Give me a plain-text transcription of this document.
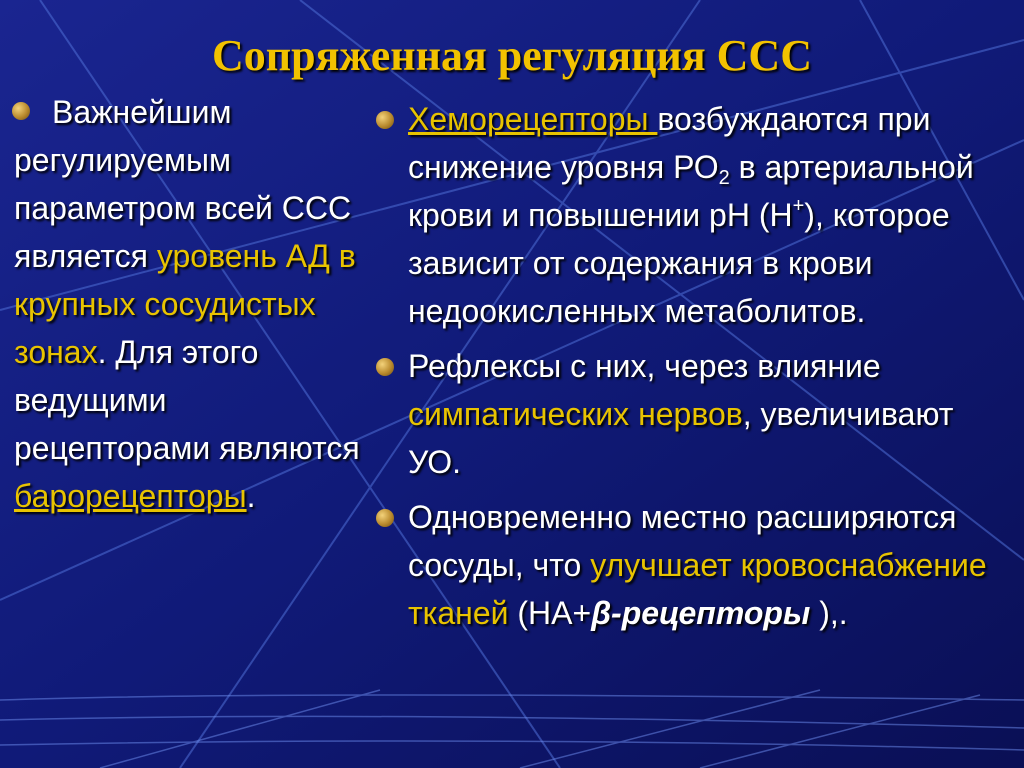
Сопряженная регуляция ССС
Важнейшим
регулируемым параметром всей ССС является уровень АД в крупных сосудистых зонах. Для этого ведущими рецепторами являются барорецепторы.
Хеморецепторы возбуждаются при снижение уровня $РО_2$ в артериальной крови и повышении рН (Н+), которое зависит от содержания в крови недоокисленных метаболитов.
Рефлексы с них, через влияние симпатических нервов, увеличивают УО.
Одновременно местно расширяются сосуды, что улучшает кровоснабжение тканей (НА+β-рецепторы ),.
